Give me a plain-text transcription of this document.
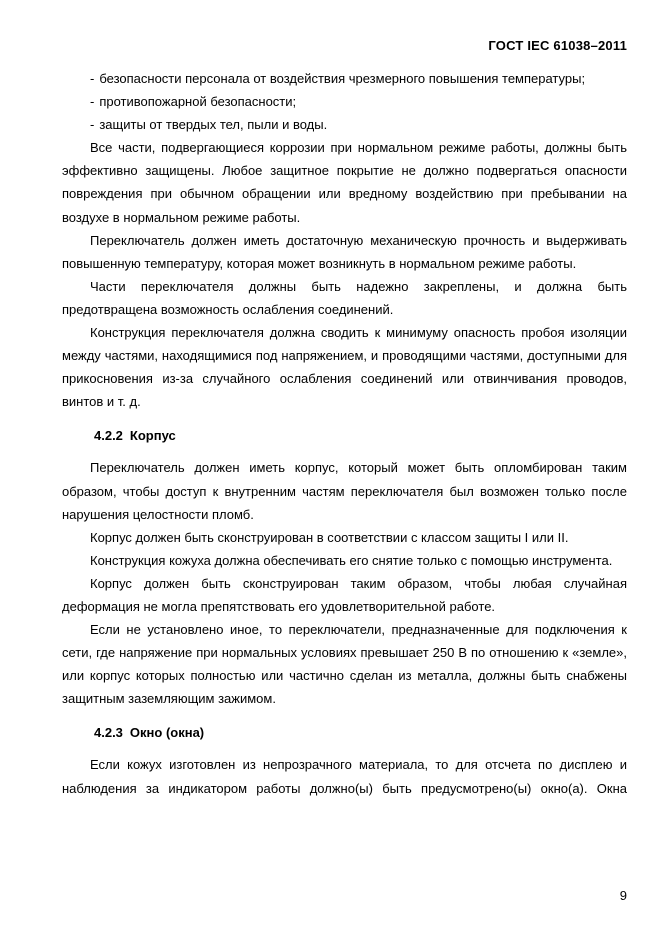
ГОСТ IEC 61038–2011

- безопасности персонала от воздействия чрезмерного повышения температуры;

- противопожарной безопасности;

- защиты от твердых тел, пыли и воды.

Все части, подвергающиеся коррозии при нормальном режиме работы, должны быть эффективно защищены. Любое защитное покрытие не должно подвергаться опасности повреждения при обычном обращении или вредному воздействию при пребывании на воздухе в нормальном режиме работы.

Переключатель должен иметь достаточную механическую прочность и выдерживать повышенную температуру, которая может возникнуть в нормальном режиме работы.

Части переключателя должны быть надежно закреплены, и должна быть предотвращена возможность ослабления соединений.

Конструкция переключателя должна сводить к минимуму опасность пробоя изоляции между частями, находящимися под напряжением, и проводящими частями, доступными для прикосновения из-за случайного ослабления соединений или отвинчивания проводов, винтов и т. д.

4.2.2 Корпус

Переключатель должен иметь корпус, который может быть опломбирован таким образом, чтобы доступ к внутренним частям переключателя был возможен только после нарушения целостности пломб.

Корпус должен быть сконструирован в соответствии с классом защиты I или II.

Конструкция кожуха должна обеспечивать его снятие только с помощью инструмента.

Корпус должен быть сконструирован таким образом, чтобы любая случайная деформация не могла препятствовать его удовлетворительной работе.

Если не установлено иное, то переключатели, предназначенные для подключения к сети, где напряжение при нормальных условиях превышает 250 В по отношению к «земле», или корпус которых полностью или частично сделан из металла, должны быть снабжены защитным заземляющим зажимом.

4.2.3 Окно (окна)

Если кожух изготовлен из непрозрачного материала, то для отсчета по дисплею и наблюдения за индикатором работы должно(ы) быть предусмотрено(ы) окно(а). Окна

9
